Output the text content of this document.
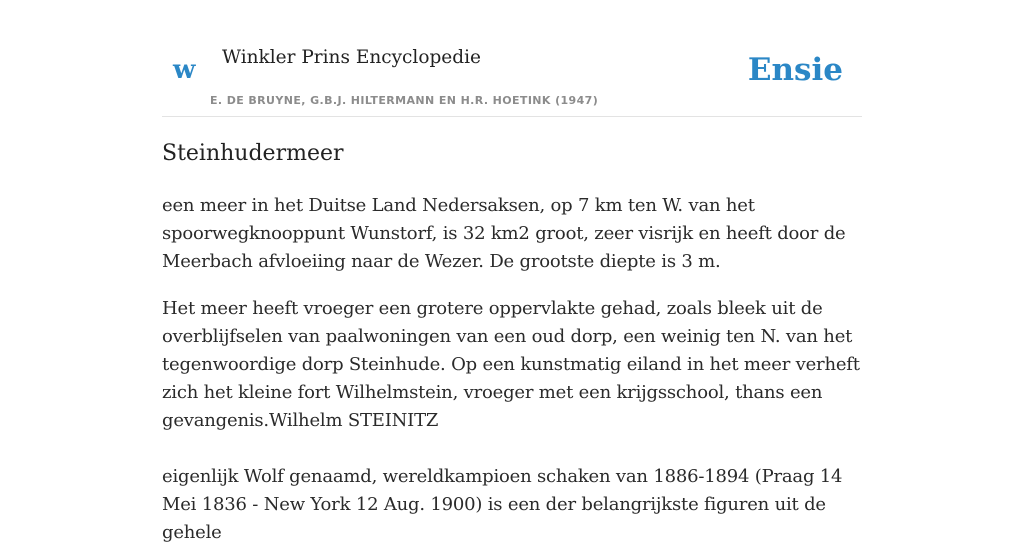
w Winkler Prins Encyclopedie
E. DE BRUYNE, G.B.J. HILTERMANN EN H.R. HOETINK (1947)
Ensie
Steinhudermeer

een meer in het Duitse Land Nedersaksen, op 7 km ten W. van het spoorwegknooppunt Wunstorf, is 32 km2 groot, zeer visrijk en heeft door de Meerbach afvloeiing naar de Wezer. De grootste diepte is 3 m.

Het meer heeft vroeger een grotere oppervlakte gehad, zoals bleek uit de overblijfselen van paalwoningen van een oud dorp, een weinig ten N. van het tegenwoordige dorp Steinhude. Op een kunstmatig eiland in het meer verheft zich het kleine fort Wilhelmstein, vroeger met een krijgsschool, thans een gevangenis.Wilhelm STEINITZ

eigenlijk Wolf genaamd, wereldkampioen schaken van 1886-1894 (Praag 14 Mei 1836 - New York 12 Aug. 1900) is een der belangrijkste figuren uit de gehele
